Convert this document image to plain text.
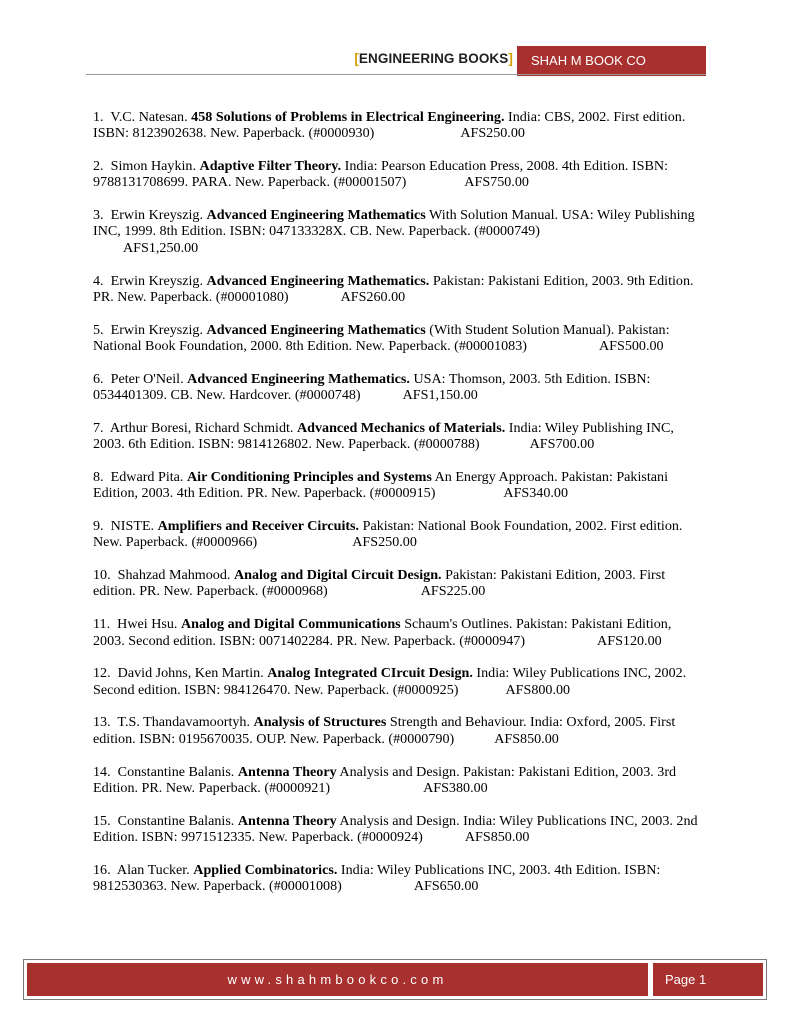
[ENGINEERING BOOKS]	SHAH M BOOK CO

1. V.C. Natesan. 458 Solutions of Problems in Electrical Engineering. India: CBS, 2002. First edition. ISBN: 8123902638. New. Paperback. (#0000930)	AFS250.00

2. Simon Haykin. Adaptive Filter Theory. India: Pearson Education Press, 2008. 4th Edition. ISBN: 9788131708699. PARA. New. Paperback. (#00001507)	AFS750.00

3. Erwin Kreyszig. Advanced Engineering Mathematics With Solution Manual. USA: Wiley Publishing INC, 1999. 8th Edition. ISBN: 047133328X. CB. New. Paperback. (#0000749)
AFS1,250.00

4. Erwin Kreyszig. Advanced Engineering Mathematics. Pakistan: Pakistani Edition, 2003. 9th Edition. PR. New. Paperback. (#00001080)	AFS260.00

5. Erwin Kreyszig. Advanced Engineering Mathematics (With Student Solution Manual). Pakistan: National Book Foundation, 2000. 8th Edition. New. Paperback. (#00001083)	AFS500.00

6. Peter O'Neil. Advanced Engineering Mathematics. USA: Thomson, 2003. 5th Edition. ISBN: 0534401309. CB. New. Hardcover. (#0000748)	AFS1,150.00

7. Arthur Boresi, Richard Schmidt. Advanced Mechanics of Materials. India: Wiley Publishing INC, 2003. 6th Edition. ISBN: 9814126802. New. Paperback. (#0000788)	AFS700.00

8. Edward Pita. Air Conditioning Principles and Systems An Energy Approach. Pakistan: Pakistani Edition, 2003. 4th Edition. PR. New. Paperback. (#0000915)	AFS340.00

9. NISTE. Amplifiers and Receiver Circuits. Pakistan: National Book Foundation, 2002. First edition. New. Paperback. (#0000966)	AFS250.00

10. Shahzad Mahmood. Analog and Digital Circuit Design. Pakistan: Pakistani Edition, 2003. First edition. PR. New. Paperback. (#0000968)	AFS225.00

11. Hwei Hsu. Analog and Digital Communications Schaum's Outlines. Pakistan: Pakistani Edition, 2003. Second edition. ISBN: 0071402284. PR. New. Paperback. (#0000947)	AFS120.00

12. David Johns, Ken Martin. Analog Integrated CIrcuit Design. India: Wiley Publications INC, 2002. Second edition. ISBN: 984126470. New. Paperback. (#0000925)	AFS800.00

13. T.S. Thandavamoortyh. Analysis of Structures Strength and Behaviour. India: Oxford, 2005. First edition. ISBN: 0195670035. OUP. New. Paperback. (#0000790)	AFS850.00

14. Constantine Balanis. Antenna Theory Analysis and Design. Pakistan: Pakistani Edition, 2003. 3rd Edition. PR. New. Paperback. (#0000921)	AFS380.00

15. Constantine Balanis. Antenna Theory Analysis and Design. India: Wiley Publications INC, 2003. 2nd Edition. ISBN: 9971512335. New. Paperback. (#0000924)	AFS850.00

16. Alan Tucker. Applied Combinatorics. India: Wiley Publications INC, 2003. 4th Edition. ISBN: 9812530363. New. Paperback. (#00001008)	AFS650.00

www.shahmbookco.com	Page 1
